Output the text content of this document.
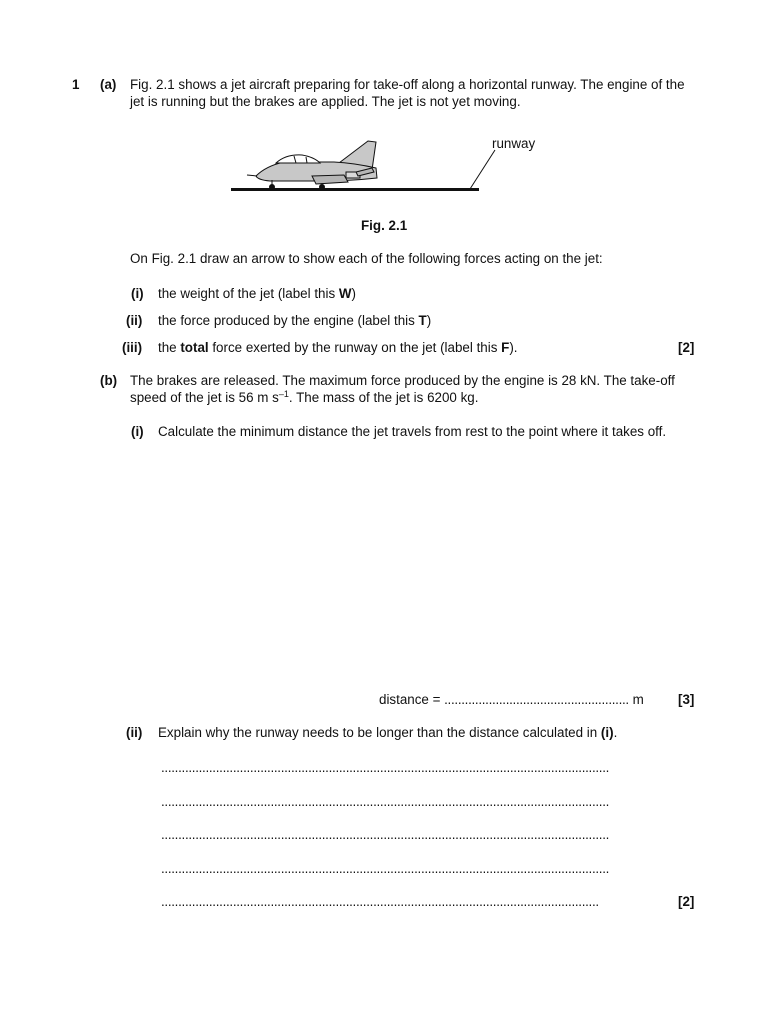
1 (a) Fig. 2.1 shows a jet aircraft preparing for take-off along a horizontal runway. The engine of the
jet is running but the brakes are applied. The jet is not yet moving.
runway
Fig. 2.1
On Fig. 2.1 draw an arrow to show each of the following forces acting on the jet:
(i) the weight of the jet (label this W)
(ii) the force produced by the engine (label this T)
(iii) the total force exerted by the runway on the jet (label this F).	[2]
(b) The brakes are released. The maximum force produced by the engine is 28 kN. The take-off
speed of the jet is 56 m $s^{-1}$. The mass of the jet is 6200 kg.
(i) Calculate the minimum distance the jet travels from rest to the point where it takes off.
distance = ...................................................... m	[3]
(ii) Explain why the runway needs to be longer than the distance calculated in (i).
...................................................................................................................................
...................................................................................................................................
...................................................................................................................................
...................................................................................................................................
................................................................................................................................	[2]
